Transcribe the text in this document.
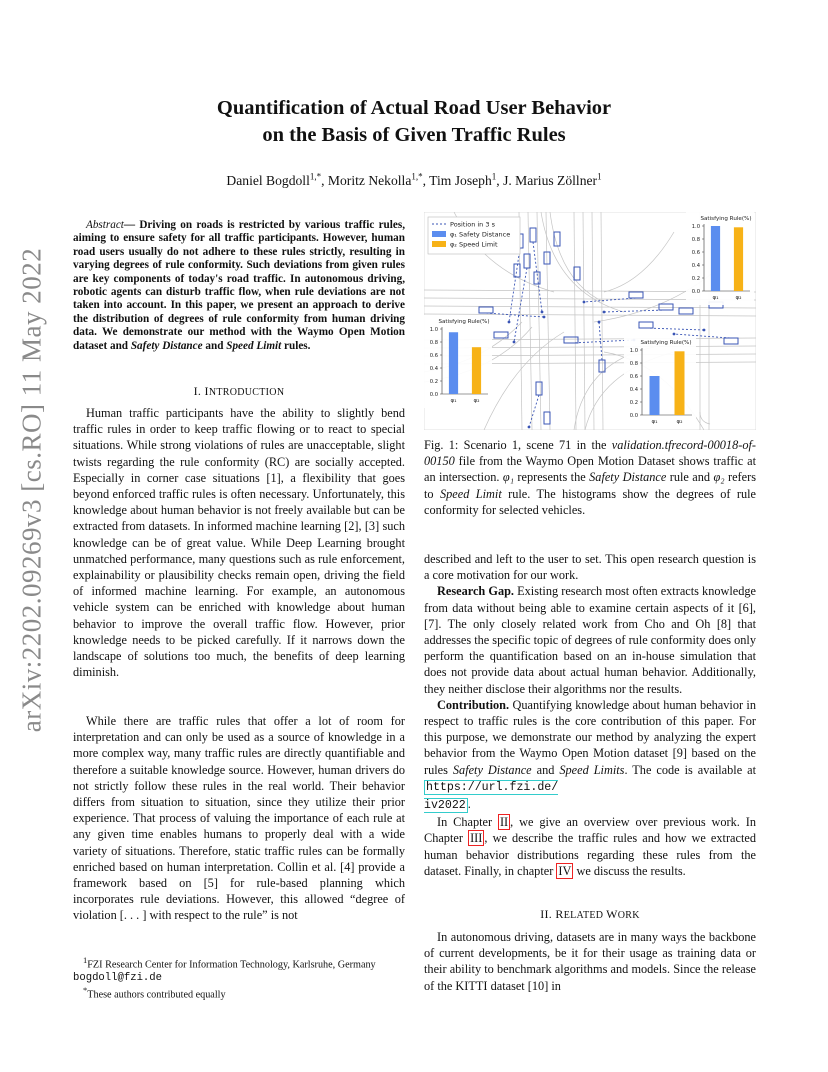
arXiv:2202.09269v3 [cs.RO] 11 May 2022
Quantification of Actual Road User Behavior
on the Basis of Given Traffic Rules
Daniel Bogdoll$^{1,*}$, Moritz Nekolla$^{1,*}$, Tim Joseph$^1$, J. Marius Zöllner$^1$

Abstract— Driving on roads is restricted by various traffic rules, aiming to ensure safety for all traffic participants. However, human road users usually do not adhere to these rules strictly, resulting in varying degrees of rule conformity. Such deviations from given rules are key components of today's road traffic. In autonomous driving, robotic agents can disturb traffic flow, when rule deviations are not taken into account. In this paper, we present an approach to derive the distribution of degrees of rule conformity from human driving data. We demonstrate our method with the Waymo Open Motion dataset and Safety Distance and Speed Limit rules.

I. INTRODUCTION

Human traffic participants have the ability to slightly bend traffic rules in order to keep traffic flowing or to react to special situations. While strong violations of rules are unacceptable, slight twists regarding the rule conformity (RC) are socially accepted. Especially in corner case situations [1], a flexibility that goes beyond enforced traffic rules is often necessary. Unfortunately, this knowledge about human behavior is not freely available but can be extracted from datasets. In informed machine learning [2], [3] such knowledge can be of great value. While Deep Learning brought unmatched performance, many questions such as rule enforcement, explainability or plausibility checks remain open, driving the field of informed machine learning. For example, an autonomous vehicle system can be enriched with knowledge about human behavior to improve the overall traffic flow. However, prior knowledge needs to be picked carefully. If it narrows down the landscape of solutions too much, the benefits of deep learning diminish.

While there are traffic rules that offer a lot of room for interpretation and can only be used as a source of knowledge in a more complex way, many traffic rules are directly quantifiable and therefore a suitable knowledge source. However, human drivers do not strictly follow these rules in the real world. Their behavior differs from situation to situation, since they utilize their prior experience. That process of valuing the importance of each rule at any given time enables humans to properly deal with a wide variety of situations. Therefore, static traffic rules can be formally enriched based on human interpretation. Collin et al. [4] provide a framework based on [5] for rule-based planning which incorporates rule deviations. However, this allowed “degree of violation [. . . ] with respect to the rule” is not

$^1$FZI Research Center for Information Technology, Karlsruhe, Germany
bogdoll@fzi.de

*These authors contributed equally

Position in 3 s
φ₁ Safety Distance
φ₂ Speed Limit
Satisfying Rule(%)
0.0
0.2
0.4
0.6
0.8
1.0
φ₁	φ₂
Satisfying Rule(%)
0.0
0.2
0.4
0.6
0.8
1.0
φ₁	φ₂
Satisfying Rule(%)
0.0
0.2
0.4
0.6
0.8
1.0
φ₁	φ₂

Fig. 1: Scenario 1, scene 71 in the validation.tfrecord-00018-of-00150 file from the Waymo Open Motion Dataset shows traffic at an intersection. φ₁ represents the Safety Distance rule and φ₂ refers to Speed Limit rule. The histograms show the degrees of rule conformity for selected vehicles.

described and left to the user to set. This open research question is a core motivation for our work.

Research Gap. Existing research most often extracts knowledge from data without being able to examine certain aspects of it [6], [7]. The only closely related work from Cho and Oh [8] that addresses the specific topic of degrees of rule conformity does only perform the quantification based on an in-house simulation that does not provide data about actual human behavior. Additionally, they neither disclose their algorithms nor the results.

Contribution. Quantifying knowledge about human behavior in respect to traffic rules is the core contribution of this paper. For this purpose, we demonstrate our method by analyzing the expert behavior from the Waymo Open Motion dataset [9] based on the rules Safety Distance and Speed Limits. The code is available at https://url.fzi.de/
iv2022 .

In Chapter II , we give an overview over previous work. In Chapter III , we describe the traffic rules and how we extracted human behavior distributions regarding these rules from the dataset. Finally, in chapter IV we discuss the results.

II. RELATED WORK

In autonomous driving, datasets are in many ways the backbone of current developments, be it for their usage as training data or their ability to benchmark algorithms and models. Since the release of the KITTI dataset [10] in
